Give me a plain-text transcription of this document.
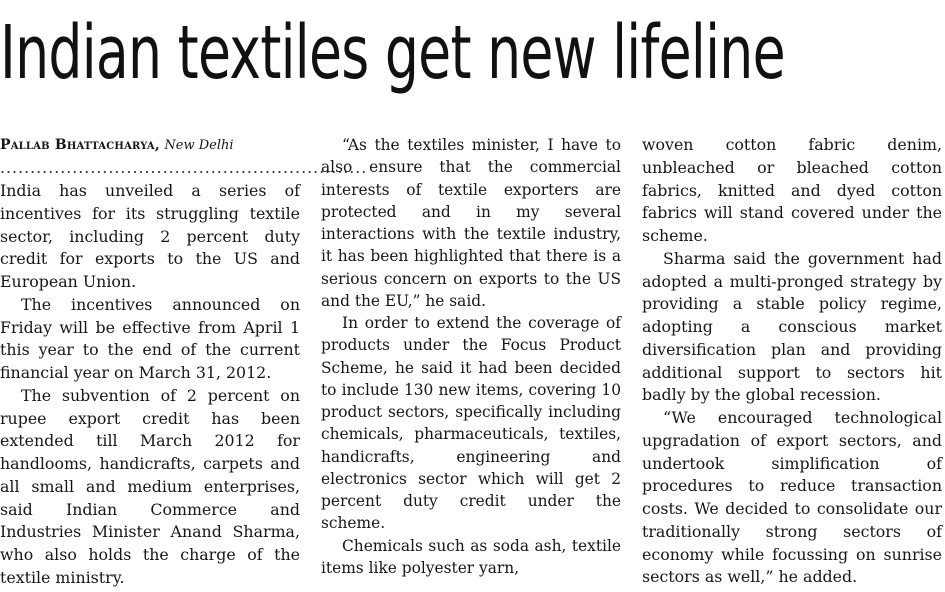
Indian textiles get new lifeline

Pallab Bhattacharya, New Delhi

.............................................................

India has unveiled a series of incentives for its struggling textile sector, including 2 percent duty credit for exports to the US and European Union.

The incentives announced on Friday will be effective from April 1 this year to the end of the current financial year on March 31, 2012.

The subvention of 2 percent on rupee export credit has been extended till March 2012 for handlooms, handicrafts, carpets and all small and medium enterprises, said Indian Commerce and Industries Minister Anand Sharma, who also holds the charge of the textile ministry.

“As the textiles minister, I have to also ensure that the commercial interests of textile exporters are protected and in my several interactions with the textile industry, it has been highlighted that there is a serious concern on exports to the US and the EU,” he said.

In order to extend the coverage of products under the Focus Product Scheme, he said it had been decided to include 130 new items, covering 10 product sectors, specifically including chemicals, pharmaceuticals, textiles, handicrafts, engineering and electronics sector which will get 2 percent duty credit under the scheme.

Chemicals such as soda ash, textile items like polyester yarn,

woven cotton fabric denim, unbleached or bleached cotton fabrics, knitted and dyed cotton fabrics will stand covered under the scheme.

Sharma said the government had adopted a multi-pronged strategy by providing a stable policy regime, adopting a conscious market diversification plan and providing additional support to sectors hit badly by the global recession.

“We encouraged technological upgradation of export sectors, and undertook simplification of procedures to reduce transaction costs. We decided to consolidate our traditionally strong sectors of economy while focussing on sunrise sectors as well,” he added.
